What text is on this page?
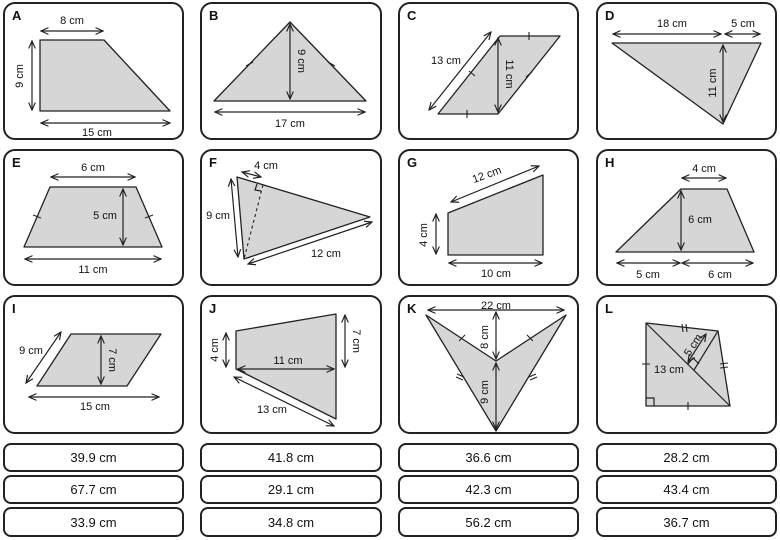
A	8 cm
9 cm
15 cm
B
9 cm
17 cm
C
13 cm	11 cm
D
18 cm	5 cm
11 cm
E	6 cm
5 cm
11 cm
F	4 cm
9 cm
12 cm
G
12 cm
4 cm
10 cm
H	4 cm
6 cm
5 cm	6 cm
I
9 cm	7 cm
15 cm
J
4 cm	11 cm
7 cm
13 cm
K	22 cm
8 cm
9 cm
L
5 cm
13 cm
39.9 cm	41.8 cm	36.6 cm	28.2 cm
67.7 cm	29.1 cm	42.3 cm	43.4 cm
33.9 cm	34.8 cm	56.2 cm	36.7 cm
